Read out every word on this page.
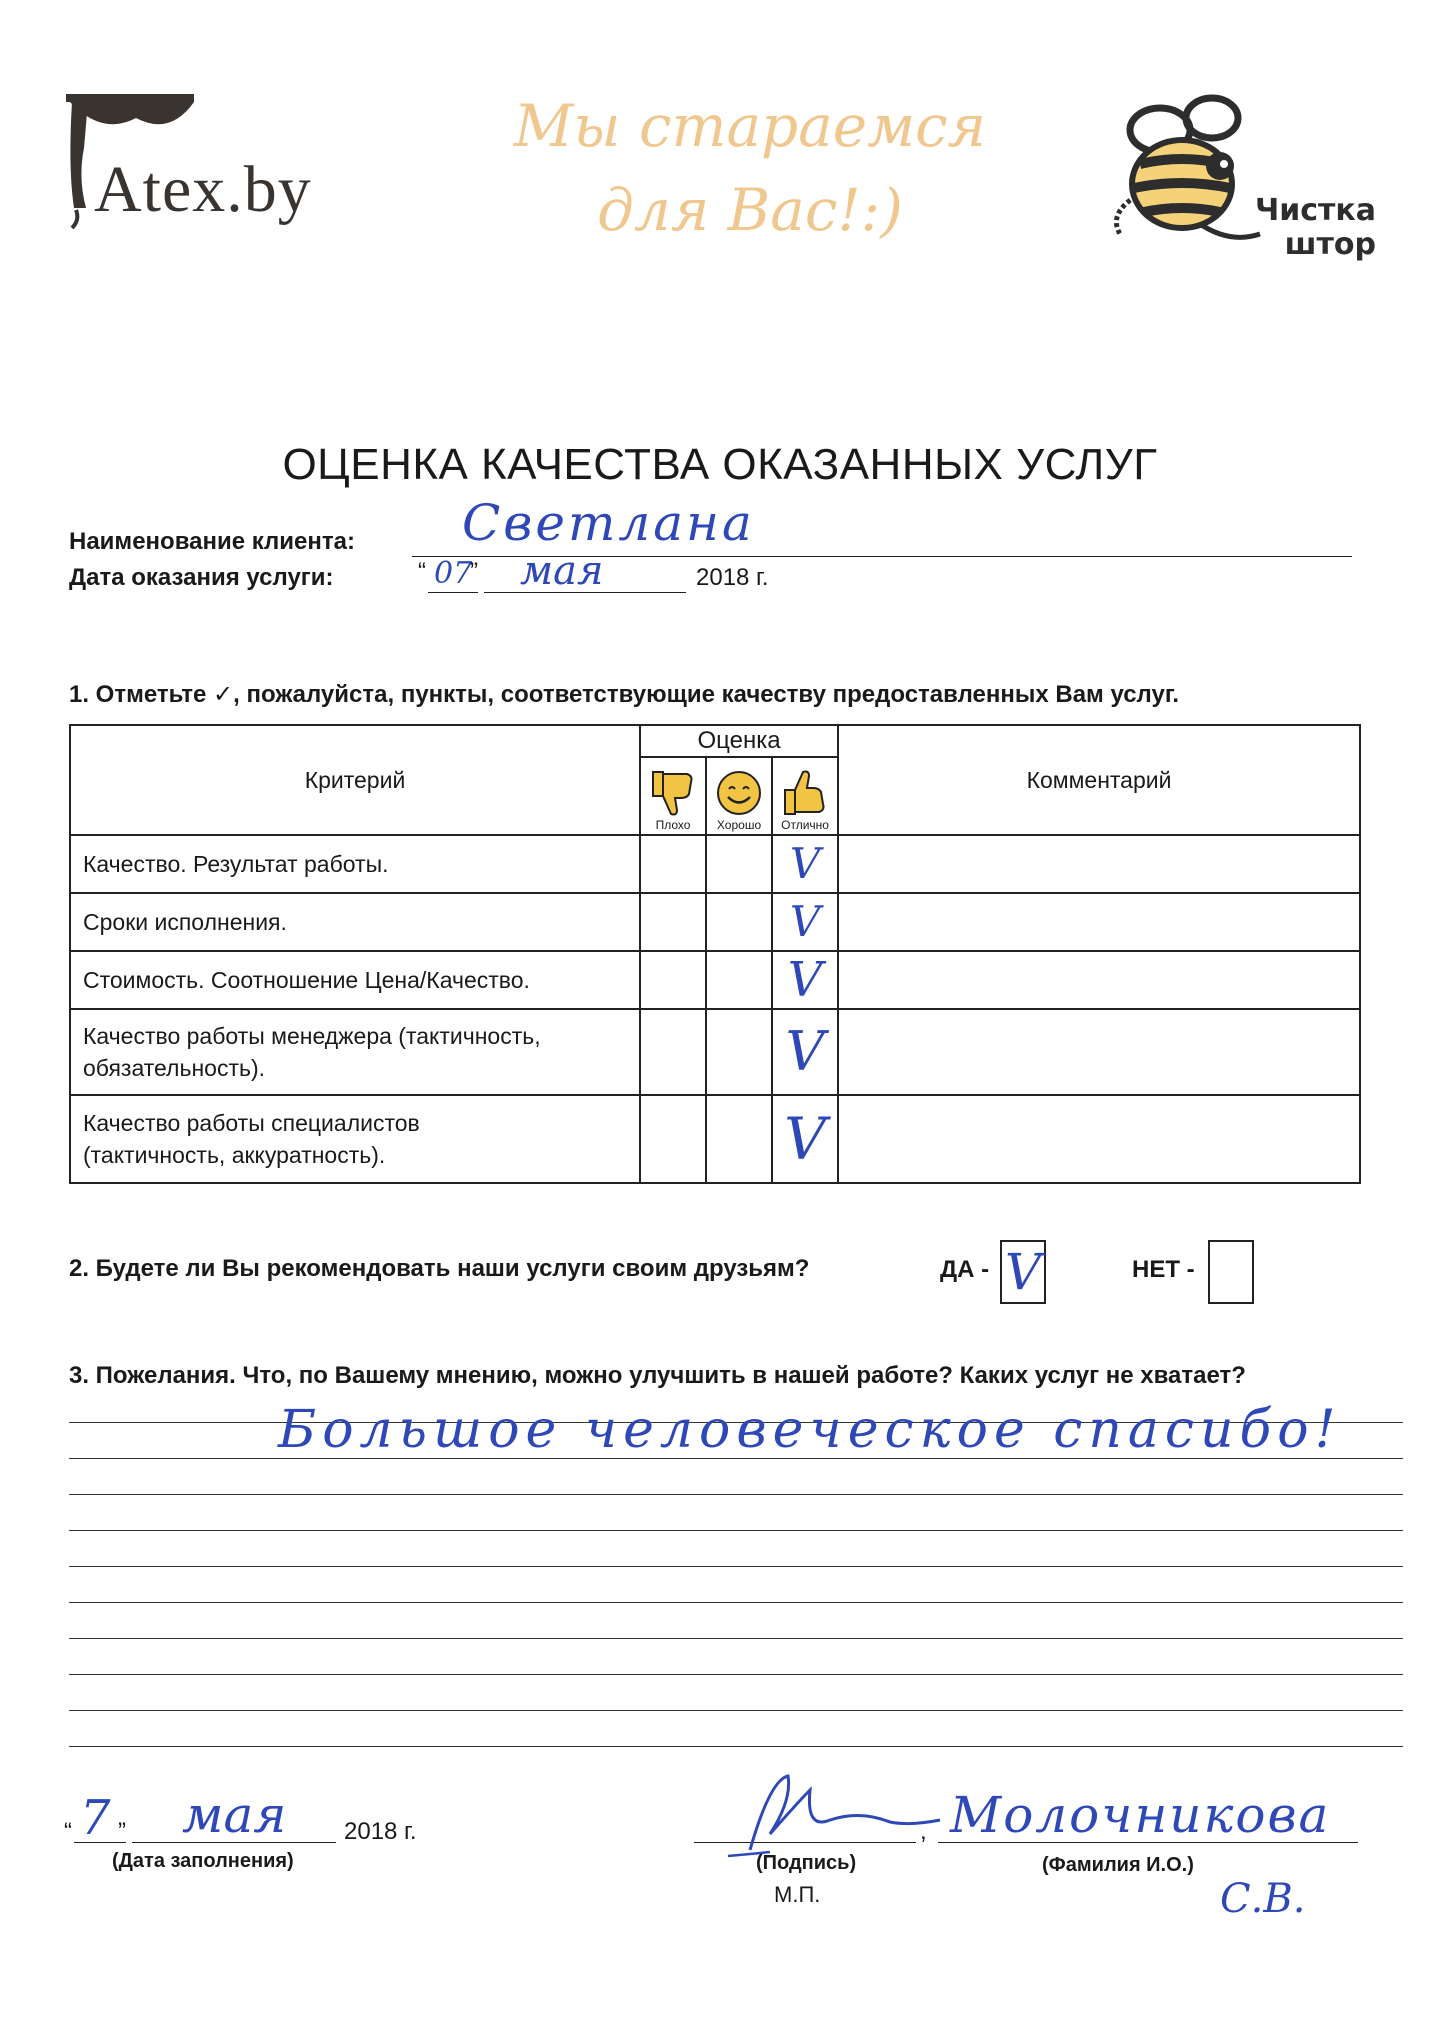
Atex.by
Мы стараемся
для Вас!:)	Чистка
штор
ОЦЕНКА КАЧЕСТВА ОКАЗАННЫХ УСЛУГ
Наименование клиента: Светлана
Дата оказания услуги:	“ 07
” мая	2018 г.
1. Отметьте ✓, пожалуйста, пункты, соответствующие качеству предоставленных Вам услуг.
Критерий	Оценка
Плохо Хорошо Отлично			Комментарий
Качество. Результат работы.			V	

Сроки исполнения.			V	

Стоимость. Соотношение Цена/Качество.			V	

Качество работы менеджера (тактичность,
обязательность).			V	

Качество работы специалистов
(тактичность, аккуратность).			V	

2. Будете ли Вы рекомендовать наши услуги своим друзьям?	ДА - V	НЕТ -
3. Пожелания. Что, по Вашему мнению, можно улучшить в нашей работе? Каких услуг не хватает?
Большое человеческое спасибо!
“ 7 ” мая 2018 г.
(Дата заполнения)	(Подпись)
М.П.
, Молочникова
(Фамилия И.О.)
С.В.
